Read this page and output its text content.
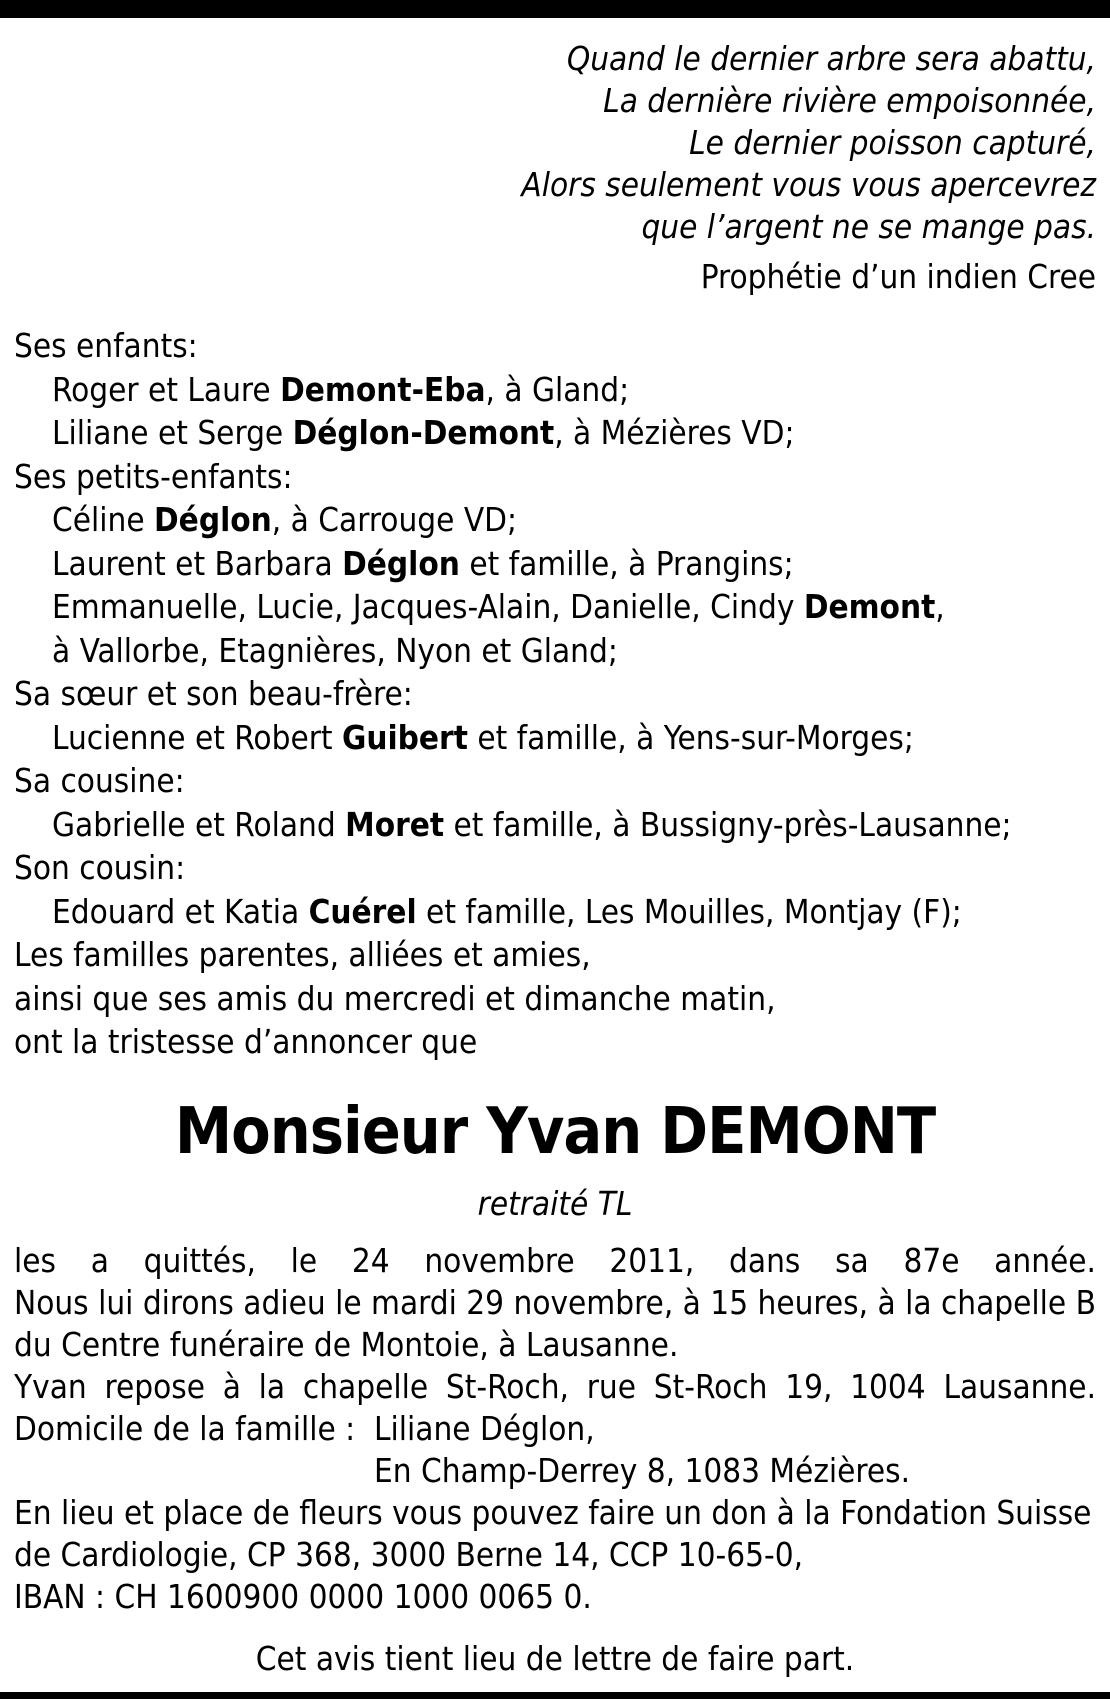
Quand le dernier arbre sera abattu,
La dernière rivière empoisonnée,
Le dernier poisson capturé,
Alors seulement vous vous apercevrez
que l’argent ne se mange pas.
Prophétie d’un indien Cree
Ses enfants:
Roger et Laure Demont-Eba, à Gland;
Liliane et Serge Déglon-Demont, à Mézières VD;
Ses petits-enfants:
Céline Déglon, à Carrouge VD;
Laurent et Barbara Déglon et famille, à Prangins;
Emmanuelle, Lucie, Jacques-Alain, Danielle, Cindy Demont,
à Vallorbe, Etagnières, Nyon et Gland;
Sa sœur et son beau-frère:
Lucienne et Robert Guibert et famille, à Yens-sur-Morges;
Sa cousine:
Gabrielle et Roland Moret et famille, à Bussigny-près-Lausanne;
Son cousin:
Edouard et Katia Cuérel et famille, Les Mouilles, Montjay (F);
Les familles parentes, alliées et amies,
ainsi que ses amis du mercredi et dimanche matin,
ont la tristesse d’annoncer que
Monsieur Yvan DEMONT
retraité TL
les a quittés, le 24 novembre 2011, dans sa 87e année.
Nous lui dirons adieu le mardi 29 novembre, à 15 heures, à la chapelle B
du Centre funéraire de Montoie, à Lausanne.
Yvan repose à la chapelle St-Roch, rue St-Roch 19, 1004 Lausanne.
Domicile de la famille : Liliane Déglon,
En Champ-Derrey 8, 1083 Mézières.
En lieu et place de fleurs vous pouvez faire un don à la Fondation Suisse
de Cardiologie, CP 368, 3000 Berne 14, CCP 10-65-0,
IBAN : CH 1600900 0000 1000 0065 0.
Cet avis tient lieu de lettre de faire part.
